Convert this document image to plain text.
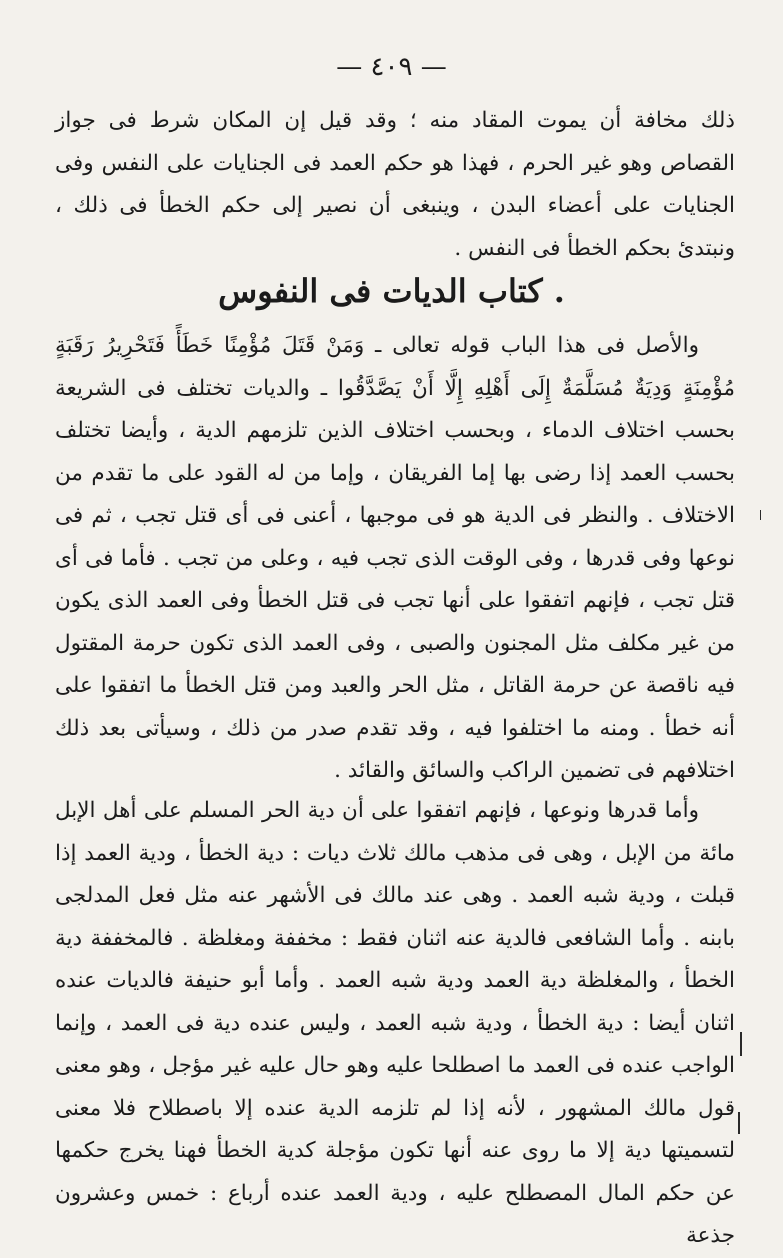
— ٤٠٩ —

ذلك مخافة أن يموت المقاد منه ؛ وقد قيل إن المكان شرط فى جواز القصاص وهو غير الحرم ، فهذا هو حكم العمد فى الجنايات على النفس وفى الجنايات على أعضاء البدن ، وينبغى أن نصير إلى حكم الخطأ فى ذلك ، ونبتدئ بحكم الخطأ فى النفس .

. كتاب الديات فى النفوس

والأصل فى هذا الباب قوله تعالى ـ وَمَنْ قَتَلَ مُؤْمِنًا خَطَأً فَتَحْرِيرُ رَقَبَةٍ مُؤْمِنَةٍ وَدِيَةٌ مُسَلَّمَةٌ إِلَى أَهْلِهِ إِلَّا أَنْ يَصَّدَّقُوا ـ والديات تختلف فى الشريعة بحسب اختلاف الدماء ، وبحسب اختلاف الذين تلزمهم الدية ، وأيضا تختلف بحسب العمد إذا رضى بها إما الفريقان ، وإما من له القود على ما تقدم من الاختلاف . والنظر فى الدية هو فى موجبها ، أعنى فى أى قتل تجب ، ثم فى نوعها وفى قدرها ، وفى الوقت الذى تجب فيه ، وعلى من تجب . فأما فى أى قتل تجب ، فإنهم اتفقوا على أنها تجب فى قتل الخطأ وفى العمد الذى يكون من غير مكلف مثل المجنون والصبى ، وفى العمد الذى تكون حرمة المقتول فيه ناقصة عن حرمة القاتل ، مثل الحر والعبد ومن قتل الخطأ ما اتفقوا على أنه خطأ . ومنه ما اختلفوا فيه ، وقد تقدم صدر من ذلك ، وسيأتى بعد ذلك اختلافهم فى تضمين الراكب والسائق والقائد .

وأما قدرها ونوعها ، فإنهم اتفقوا على أن دية الحر المسلم على أهل الإبل مائة من الإبل ، وهى فى مذهب مالك ثلاث ديات : دية الخطأ ، ودية العمد إذا قبلت ، ودية شبه العمد . وهى عند مالك فى الأشهر عنه مثل فعل المدلجى بابنه . وأما الشافعى فالدية عنه اثنان فقط : مخففة ومغلظة . فالمخففة دية الخطأ ، والمغلظة دية العمد ودية شبه العمد . وأما أبو حنيفة فالديات عنده اثنان أيضا : دية الخطأ ، ودية شبه العمد ، وليس عنده دية فى العمد ، وإنما الواجب عنده فى العمد ما اصطلحا عليه وهو حال عليه غير مؤجل ، وهو معنى قول مالك المشهور ، لأنه إذا لم تلزمه الدية عنده إلا باصطلاح فلا معنى لتسميتها دية إلا ما روى عنه أنها تكون مؤجلة كدية الخطأ فهنا يخرج حكمها عن حكم المال المصطلح عليه ، ودية العمد عنده أرباع : خمس وعشرون جذعة
